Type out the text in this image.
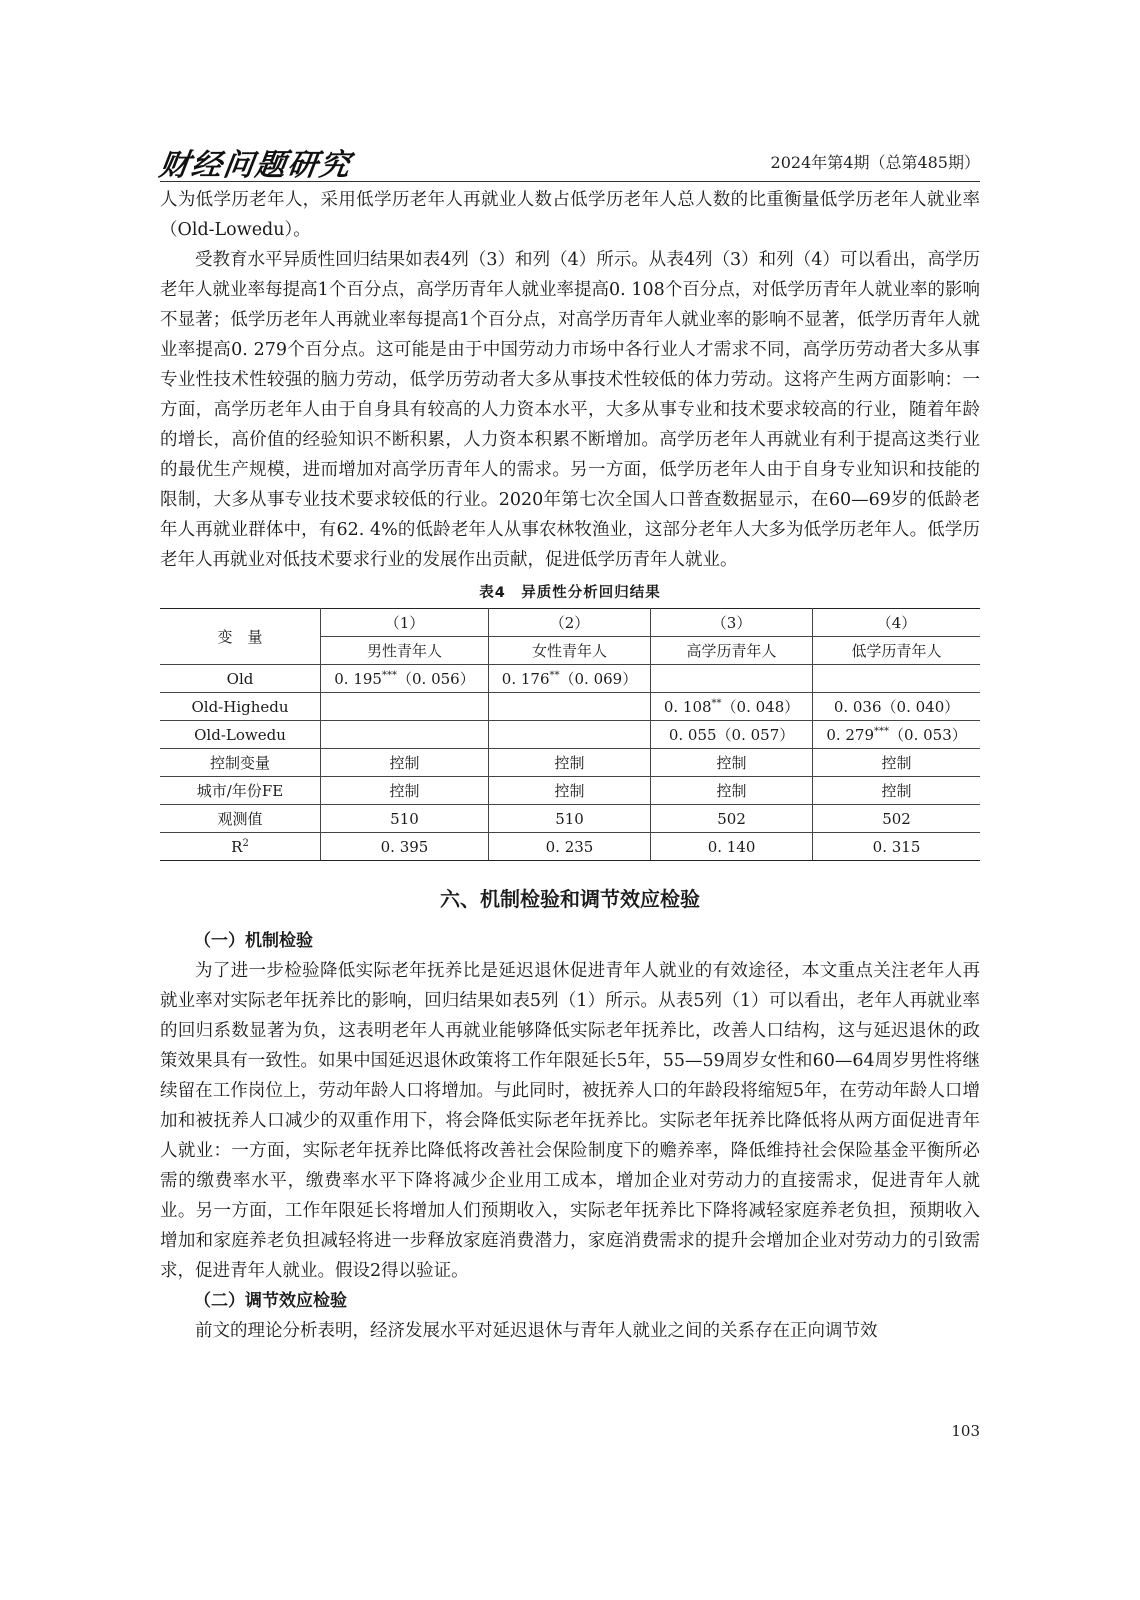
财经问题研究	2024年第4期（总第485期）

人为低学历老年人，采用低学历老年人再就业人数占低学历老年人总人数的比重衡量低学历老年人就业率（Old-Lowedu）。

受教育水平异质性回归结果如表4列（3）和列（4）所示。从表4列（3）和列（4）可以看出，高学历老年人就业率每提高1个百分点，高学历青年人就业率提高0. 108个百分点，对低学历青年人就业率的影响不显著；低学历老年人再就业率每提高1个百分点，对高学历青年人就业率的影响不显著，低学历青年人就业率提高0. 279个百分点。这可能是由于中国劳动力市场中各行业人才需求不同，高学历劳动者大多从事专业性技术性较强的脑力劳动，低学历劳动者大多从事技术性较低的体力劳动。这将产生两方面影响：一方面，高学历老年人由于自身具有较高的人力资本水平，大多从事专业和技术要求较高的行业，随着年龄的增长，高价值的经验知识不断积累，人力资本积累不断增加。高学历老年人再就业有利于提高这类行业的最优生产规模，进而增加对高学历青年人的需求。另一方面，低学历老年人由于自身专业知识和技能的限制，大多从事专业技术要求较低的行业。2020年第七次全国人口普查数据显示，在60—69岁的低龄老年人再就业群体中，有62. 4%的低龄老年人从事农林牧渔业，这部分老年人大多为低学历老年人。低学历老年人再就业对低技术要求行业的发展作出贡献，促进低学历青年人就业。

表4　异质性分析回归结果
变　量	（1）	（2）	（3）	（4）
	男性青年人	女性青年人	高学历青年人	低学历青年人
Old	0. 195***（0. 056）	0. 176**（0. 069）		
Old-Highedu			0. 108**（0. 048）	0. 036（0. 040）
Old-Lowedu			0. 055（0. 057）	0. 279***（0. 053）
控制变量	控制	控制	控制	控制
城市/年份FE	控制	控制	控制	控制
观测值	510	510	502	502
$R^2$	0. 395	0. 235	0. 140	0. 315
六、机制检验和调节效应检验
（一）机制检验

为了进一步检验降低实际老年抚养比是延迟退休促进青年人就业的有效途径，本文重点关注老年人再就业率对实际老年抚养比的影响，回归结果如表5列（1）所示。从表5列（1）可以看出，老年人再就业率的回归系数显著为负，这表明老年人再就业能够降低实际老年抚养比，改善人口结构，这与延迟退休的政策效果具有一致性。如果中国延迟退休政策将工作年限延长5年，55—59周岁女性和60—64周岁男性将继续留在工作岗位上，劳动年龄人口将增加。与此同时，被抚养人口的年龄段将缩短5年，在劳动年龄人口增加和被抚养人口减少的双重作用下，将会降低实际老年抚养比。实际老年抚养比降低将从两方面促进青年人就业：一方面，实际老年抚养比降低将改善社会保险制度下的赡养率，降低维持社会保险基金平衡所必需的缴费率水平，缴费率水平下降将减少企业用工成本，增加企业对劳动力的直接需求，促进青年人就业。另一方面，工作年限延长将增加人们预期收入，实际老年抚养比下降将减轻家庭养老负担，预期收入增加和家庭养老负担减轻将进一步释放家庭消费潜力，家庭消费需求的提升会增加企业对劳动力的引致需求，促进青年人就业。假设2得以验证。

（二）调节效应检验

前文的理论分析表明，经济发展水平对延迟退休与青年人就业之间的关系存在正向调节效

103
